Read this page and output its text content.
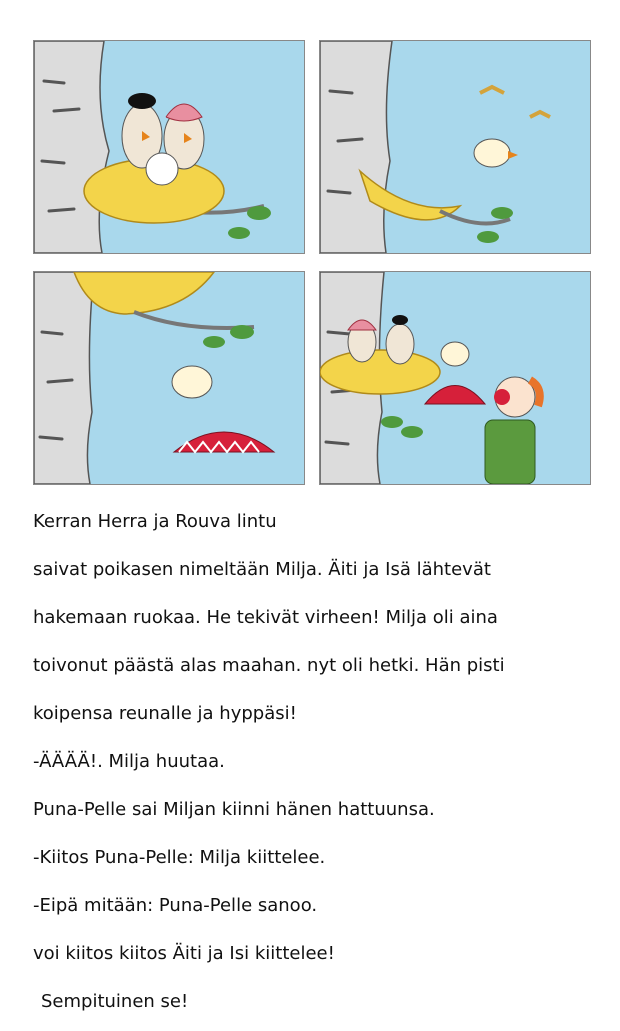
Kerran Herra ja Rouva lintu

saivat poikasen nimeltään Milja. Äiti ja Isä lähtevät

hakemaan ruokaa. He tekivät virheen! Milja oli aina

toivonut päästä alas maahan. nyt oli hetki. Hän pisti

koipensa reunalle ja hyppäsi!

-ÄÄÄÄ!. Milja huutaa.

Puna-Pelle sai Miljan kiinni hänen hattuunsa.

-Kiitos Puna-Pelle: Milja kiittelee.

-Eipä mitään: Puna-Pelle sanoo.

voi kiitos kiitos Äiti ja Isi kiittelee!

Sempituinen se!
